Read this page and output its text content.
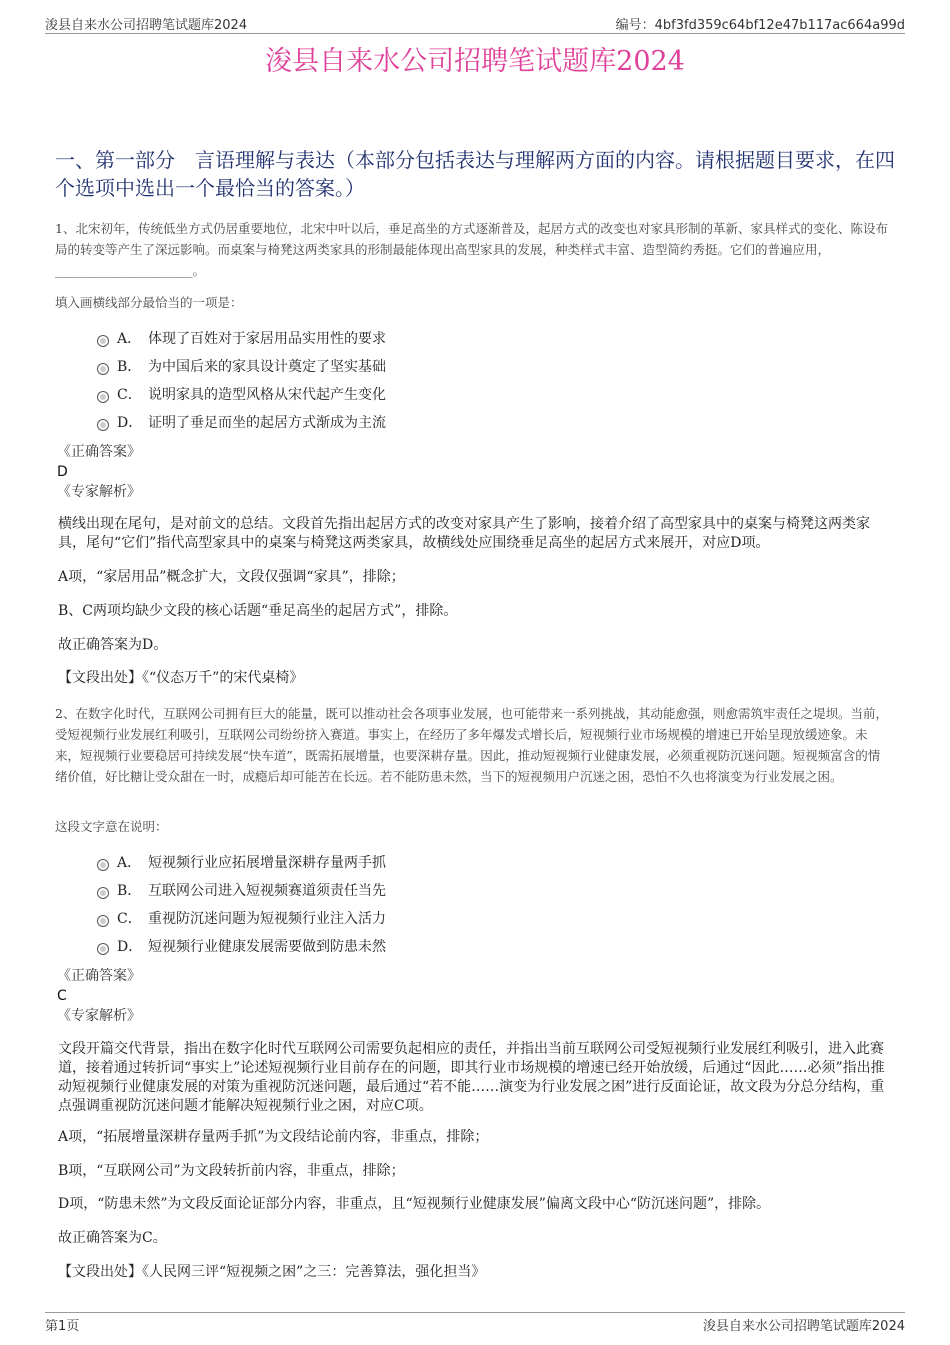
浚县自来水公司招聘笔试题库2024	编号：4bf3fd359c64bf12e47b117ac664a99d
浚县自来水公司招聘笔试题库2024
一、第一部分　言语理解与表达（本部分包括表达与理解两方面的内容。请根据题目要求，在四个选项中选出一个最恰当的答案。）
1、北宋初年，传统低坐方式仍居重要地位，北宋中叶以后，垂足高坐的方式逐渐普及，起居方式的改变也对家具形制的革新、家具样式的变化、陈设布局的转变等产生了深远影响。而桌案与椅凳这两类家具的形制最能体现出高型家具的发展，种类样式丰富、造型简约秀挺。它们的普遍应用，______________________。
填入画横线部分最恰当的一项是：
A． 体现了百姓对于家居用品实用性的要求
B． 为中国后来的家具设计奠定了坚实基础
C． 说明家具的造型风格从宋代起产生变化
D． 证明了垂足而坐的起居方式渐成为主流
《正确答案》
D
《专家解析》
横线出现在尾句，是对前文的总结。文段首先指出起居方式的改变对家具产生了影响，接着介绍了高型家具中的桌案与椅凳这两类家具，尾句“它们”指代高型家具中的桌案与椅凳这两类家具，故横线处应围绕垂足高坐的起居方式来展开，对应D项。
A项，“家居用品”概念扩大，文段仅强调“家具”，排除；
B、C两项均缺少文段的核心话题“垂足高坐的起居方式”，排除。
故正确答案为D。
【文段出处】《“仪态万千”的宋代桌椅》
2、在数字化时代，互联网公司拥有巨大的能量，既可以推动社会各项事业发展，也可能带来一系列挑战，其动能愈强，则愈需筑牢责任之堤坝。当前，受短视频行业发展红利吸引，互联网公司纷纷挤入赛道。事实上，在经历了多年爆发式增长后，短视频行业市场规模的增速已开始呈现放缓迹象。未来，短视频行业要稳居可持续发展“快车道”，既需拓展增量，也要深耕存量。因此，推动短视频行业健康发展，必须重视防沉迷问题。短视频富含的情绪价值，好比糖让受众甜在一时，成瘾后却可能苦在长远。若不能防患未然，当下的短视频用户沉迷之困，恐怕不久也将演变为行业发展之困。
这段文字意在说明：
A． 短视频行业应拓展增量深耕存量两手抓
B． 互联网公司进入短视频赛道须责任当先
C． 重视防沉迷问题为短视频行业注入活力
D． 短视频行业健康发展需要做到防患未然
《正确答案》
C
《专家解析》
文段开篇交代背景，指出在数字化时代互联网公司需要负起相应的责任，并指出当前互联网公司受短视频行业发展红利吸引，进入此赛道，接着通过转折词“事实上”论述短视频行业目前存在的问题，即其行业市场规模的增速已经开始放缓，后通过“因此……必须”指出推动短视频行业健康发展的对策为重视防沉迷问题，最后通过“若不能……演变为行业发展之困”进行反面论证，故文段为分总分结构，重点强调重视防沉迷问题才能解决短视频行业之困，对应C项。
A项，“拓展增量深耕存量两手抓”为文段结论前内容，非重点，排除；
B项，“互联网公司”为文段转折前内容，非重点，排除；
D项，“防患未然”为文段反面论证部分内容，非重点，且“短视频行业健康发展”偏离文段中心“防沉迷问题”，排除。
故正确答案为C。
【文段出处】《人民网三评“短视频之困”之三：完善算法，强化担当》
第1页	浚县自来水公司招聘笔试题库2024
